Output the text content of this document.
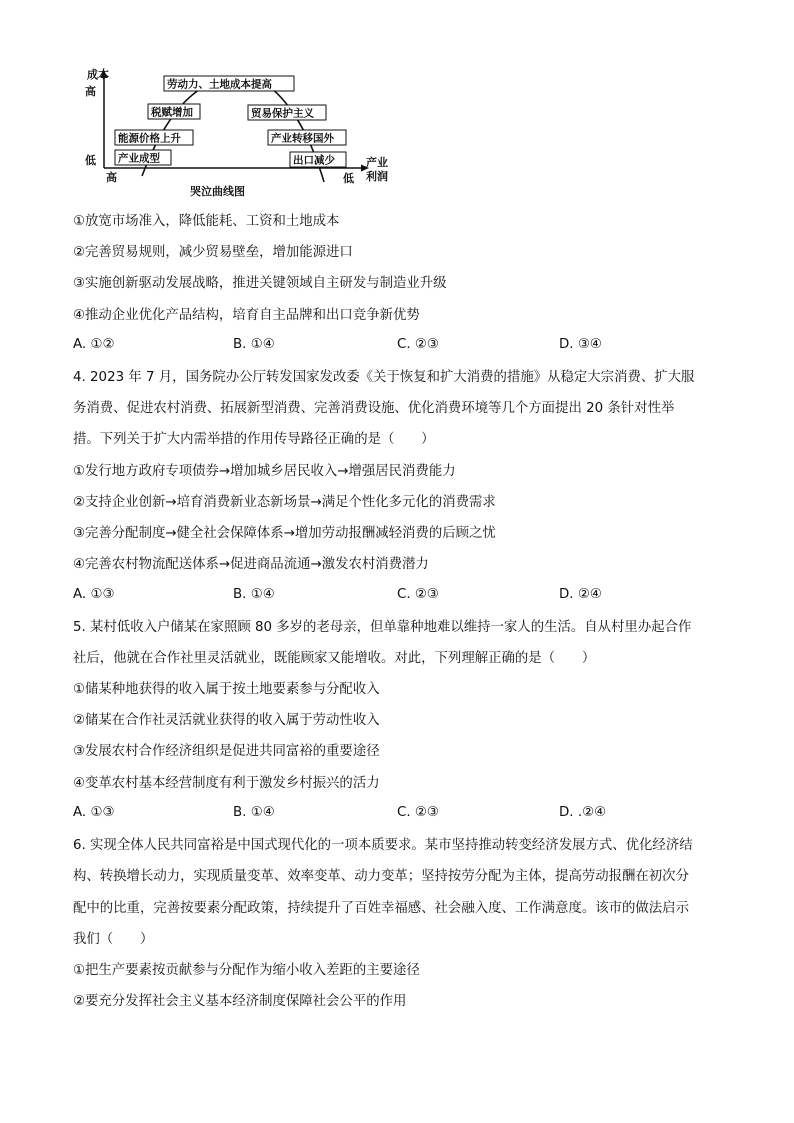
成本
高
低
高	低
产业
利润
哭泣曲线图
劳动力、土地成本提高
税赋增加	贸易保护主义
能源价格上升	产业转移国外
产业成型	出口减少
①放宽市场准入，降低能耗、工资和土地成本
②完善贸易规则，减少贸易壁垒，增加能源进口
③实施创新驱动发展战略，推进关键领域自主研发与制造业升级
④推动企业优化产品结构，培育自主品牌和出口竞争新优势
A. ①②	B. ①④	C. ②③	D. ③④
4. 2023 年 7 月，国务院办公厅转发国家发改委《关于恢复和扩大消费的措施》从稳定大宗消费、扩大服
务消费、促进农村消费、拓展新型消费、完善消费设施、优化消费环境等几个方面提出 20 条针对性举
措。下列关于扩大内需举措的作用传导路径正确的是（　　）
①发行地方政府专项债券→增加城乡居民收入→增强居民消费能力
②支持企业创新→培育消费新业态新场景→满足个性化多元化的消费需求
③完善分配制度→健全社会保障体系→增加劳动报酬减轻消费的后顾之忧
④完善农村物流配送体系→促进商品流通→激发农村消费潜力
A. ①③	B. ①④	C. ②③	D. ②④
5. 某村低收入户储某在家照顾 80 多岁的老母亲，但单靠种地难以维持一家人的生活。自从村里办起合作
社后，他就在合作社里灵活就业，既能顾家又能增收。对此，下列理解正确的是（　　）
①储某种地获得的收入属于按土地要素参与分配收入
②储某在合作社灵活就业获得的收入属于劳动性收入
③发展农村合作经济组织是促进共同富裕的重要途径
④变革农村基本经营制度有利于激发乡村振兴的活力
A. ①③	B. ①④	C. ②③	D. .②④
6. 实现全体人民共同富裕是中国式现代化的一项本质要求。某市坚持推动转变经济发展方式、优化经济结
构、转换增长动力，实现质量变革、效率变革、动力变革；坚持按劳分配为主体，提高劳动报酬在初次分
配中的比重，完善按要素分配政策，持续提升了百姓幸福感、社会融入度、工作满意度。该市的做法启示
我们（　　）
①把生产要素按贡献参与分配作为缩小收入差距的主要途径
②要充分发挥社会主义基本经济制度保障社会公平的作用
